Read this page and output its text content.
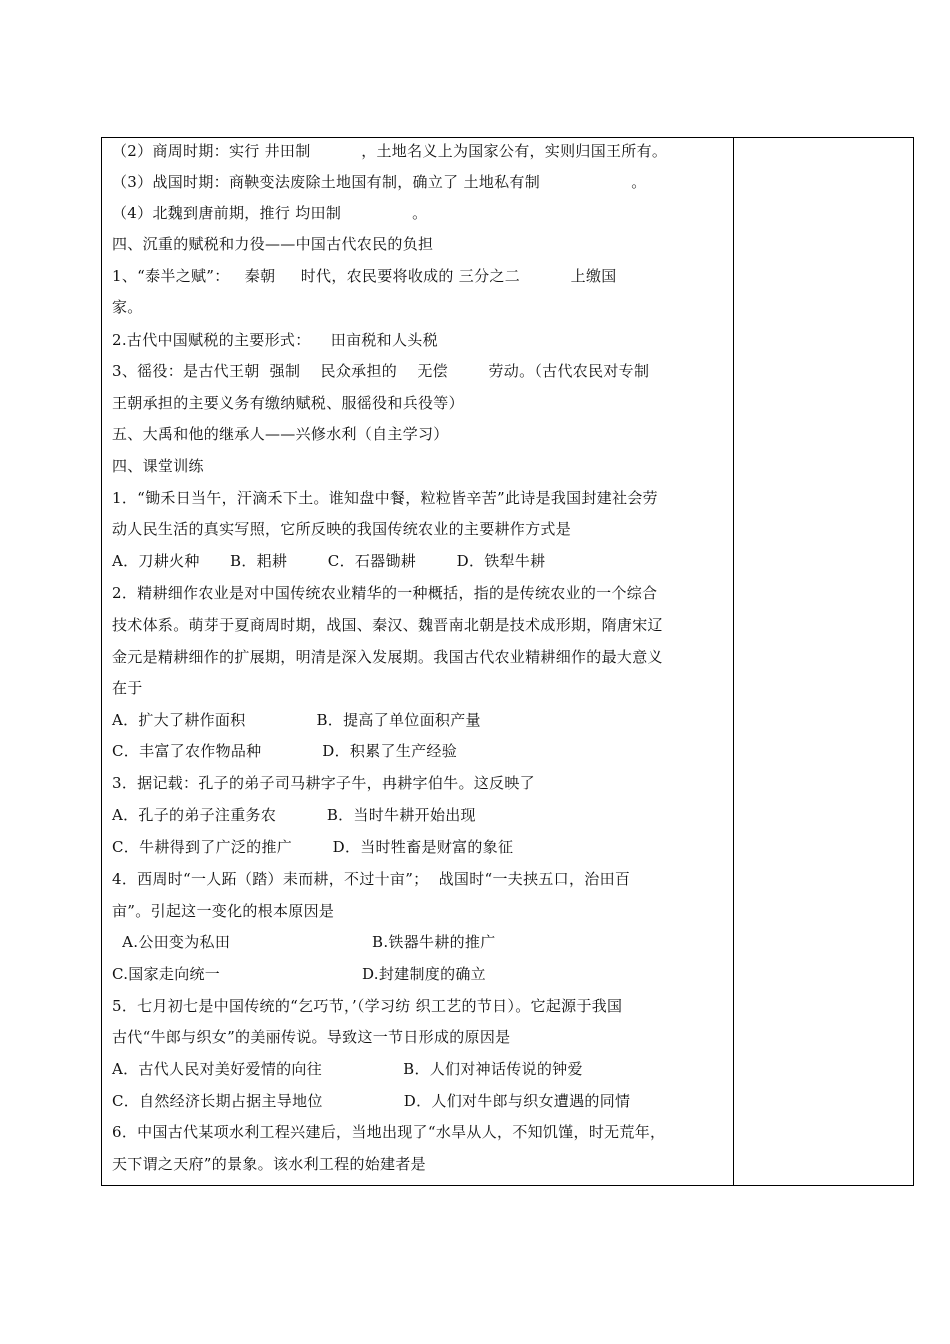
（2）商周时期：实行 井田制          ，土地名义上为国家公有，实则归国王所有。
（3）战国时期：商鞅变法废除土地国有制，确立了 土地私有制                  。
（4）北魏到唐前期，推行 均田制              。
四、沉重的赋税和力役——中国古代农民的负担
1、“泰半之赋”：   秦朝     时代，农民要将收成的 三分之二          上缴国
家。
2.古代中国赋税的主要形式：    田亩税和人头税
3、徭役：是古代王朝  强制    民众承担的    无偿        劳动。（古代农民对专制
王朝承担的主要义务有缴纳赋税、服徭役和兵役等）
五、大禹和他的继承人——兴修水利（自主学习）
四、课堂训练
1．“锄禾日当午，汗滴禾下土。谁知盘中餐，粒粒皆辛苦”此诗是我国封建社会劳
动人民生活的真实写照，它所反映的我国传统农业的主要耕作方式是
A．刀耕火种      B．耜耕        C．石器锄耕        D．铁犁牛耕
2．精耕细作农业是对中国传统农业精华的一种概括，指的是传统农业的一个综合
技术体系。萌芽于夏商周时期，战国、秦汉、魏晋南北朝是技术成形期，隋唐宋辽
金元是精耕细作的扩展期，明清是深入发展期。我国古代农业精耕细作的最大意义
在于
A．扩大了耕作面积              B．提高了单位面积产量
C．丰富了农作物品种            D．积累了生产经验
3．据记载：孔子的弟子司马耕字子牛，冉耕字伯牛。这反映了
A．孔子的弟子注重务农          B．当时牛耕开始出现
C．牛耕得到了广泛的推广        D．当时牲畜是财富的象征
4．西周时“一人跖（踏）耒而耕，不过十亩”；  战国时“一夫挟五口，治田百
亩”。引起这一变化的根本原因是
A.公田变为私田                            B.铁器牛耕的推广
C.国家走向统一                            D.封建制度的确立
5．七月初七是中国传统的“乞巧节，’（学习纺 织工艺的节日）。它起源于我国
古代“牛郎与织女”的美丽传说。导致这一节日形成的原因是
A．古代人民对美好爱情的向往                B．人们对神话传说的钟爱
C．自然经济长期占据主导地位                D．人们对牛郎与织女遭遇的同情
6．中国古代某项水利工程兴建后，当地出现了“水旱从人，不知饥馑，时无荒年，
天下谓之天府”的景象。该水利工程的始建者是
